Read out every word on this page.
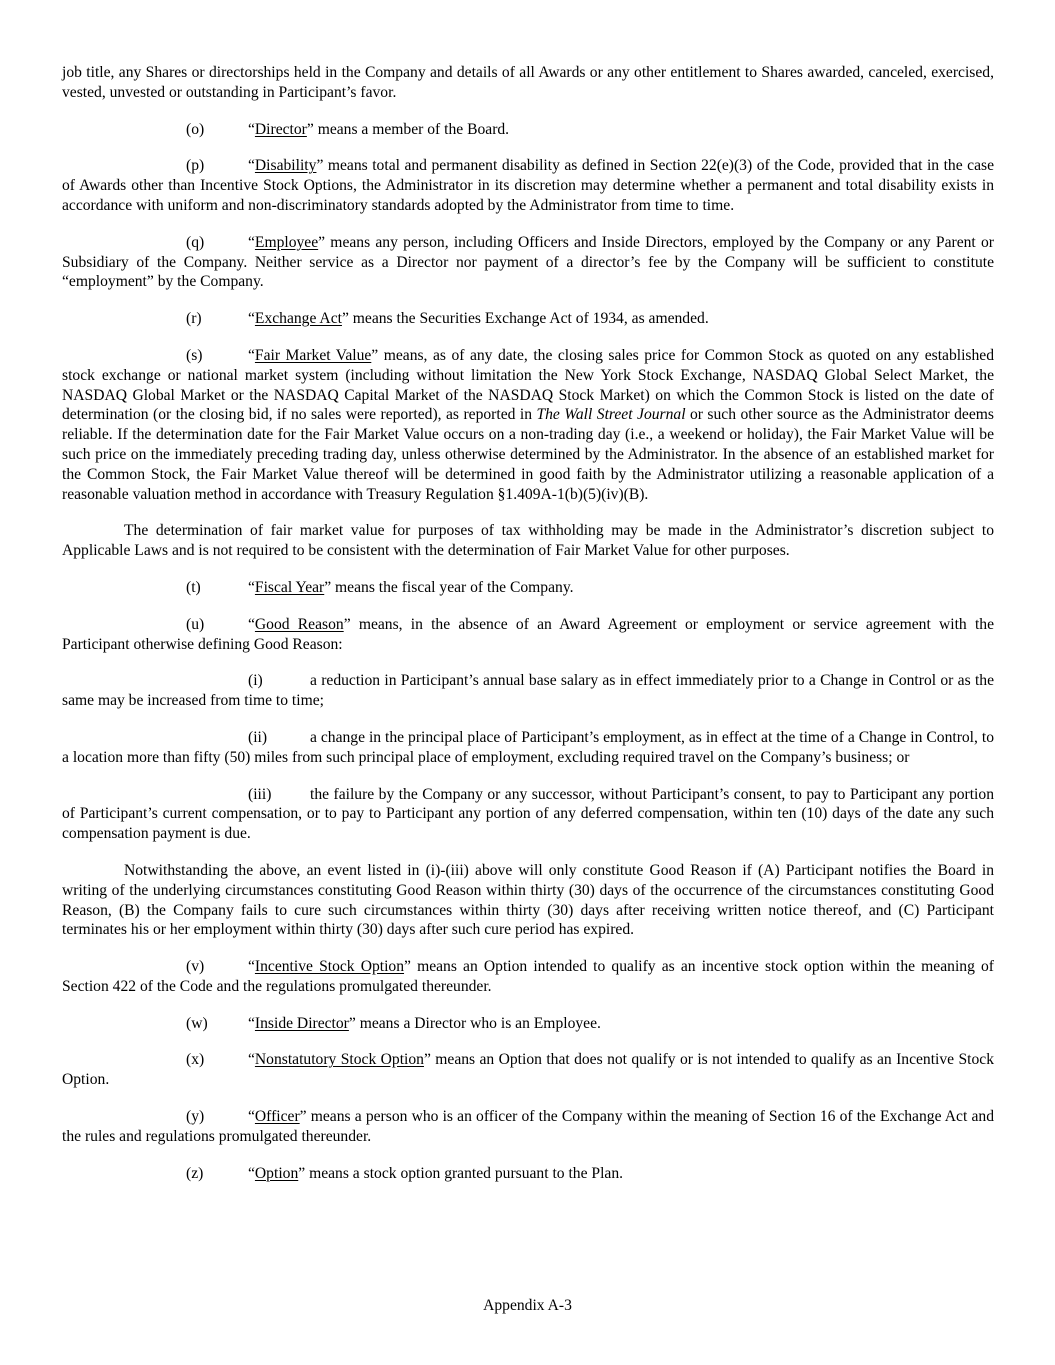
job title, any Shares or directorships held in the Company and details of all Awards or any other entitlement to Shares awarded, canceled, exercised, vested, unvested or outstanding in Participant’s favor.

(o)	“Director” means a member of the Board.

(p)	“Disability” means total and permanent disability as defined in Section 22(e)(3) of the Code, provided that in the case of Awards other than Incentive Stock Options, the Administrator in its discretion may determine whether a permanent and total disability exists in accordance with uniform and non-discriminatory standards adopted by the Administrator from time to time.

(q)	“Employee” means any person, including Officers and Inside Directors, employed by the Company or any Parent or Subsidiary of the Company. Neither service as a Director nor payment of a director’s fee by the Company will be sufficient to constitute “employment” by the Company.

(r)	“Exchange Act” means the Securities Exchange Act of 1934, as amended.

(s)	“Fair Market Value” means, as of any date, the closing sales price for Common Stock as quoted on any established stock exchange or national market system (including without limitation the New York Stock Exchange, NASDAQ Global Select Market, the NASDAQ Global Market or the NASDAQ Capital Market of the NASDAQ Stock Market) on which the Common Stock is listed on the date of determination (or the closing bid, if no sales were reported), as reported in The Wall Street Journal or such other source as the Administrator deems reliable. If the determination date for the Fair Market Value occurs on a non-trading day (i.e., a weekend or holiday), the Fair Market Value will be such price on the immediately preceding trading day, unless otherwise determined by the Administrator. In the absence of an established market for the Common Stock, the Fair Market Value thereof will be determined in good faith by the Administrator utilizing a reasonable application of a reasonable valuation method in accordance with Treasury Regulation §1.409A-1(b)(5)(iv)(B).

The determination of fair market value for purposes of tax withholding may be made in the Administrator’s discretion subject to Applicable Laws and is not required to be consistent with the determination of Fair Market Value for other purposes.

(t)	“Fiscal Year” means the fiscal year of the Company.

(u)	“Good Reason” means, in the absence of an Award Agreement or employment or service agreement with the Participant otherwise defining Good Reason:

(i)	a reduction in Participant’s annual base salary as in effect immediately prior to a Change in Control or as the same may be increased from time to time;

(ii)	a change in the principal place of Participant’s employment, as in effect at the time of a Change in Control, to a location more than fifty (50) miles from such principal place of employment, excluding required travel on the Company’s business; or

(iii) the failure by the Company or any successor, without Participant’s consent, to pay to Participant any portion of Participant’s current compensation, or to pay to Participant any portion of any deferred compensation, within ten (10) days of the date any such compensation payment is due.

Notwithstanding the above, an event listed in (i)-(iii) above will only constitute Good Reason if (A) Participant notifies the Board in writing of the underlying circumstances constituting Good Reason within thirty (30) days of the occurrence of the circumstances constituting Good Reason, (B) the Company fails to cure such circumstances within thirty (30) days after receiving written notice thereof, and (C) Participant terminates his or her employment within thirty (30) days after such cure period has expired.

(v)	“Incentive Stock Option” means an Option intended to qualify as an incentive stock option within the meaning of Section 422 of the Code and the regulations promulgated thereunder.

(w)	“Inside Director” means a Director who is an Employee.

(x)	“Nonstatutory Stock Option” means an Option that does not qualify or is not intended to qualify as an Incentive Stock Option.

(y)	“Officer” means a person who is an officer of the Company within the meaning of Section 16 of the Exchange Act and the rules and regulations promulgated thereunder.

(z)	“Option” means a stock option granted pursuant to the Plan.

Appendix A-3
